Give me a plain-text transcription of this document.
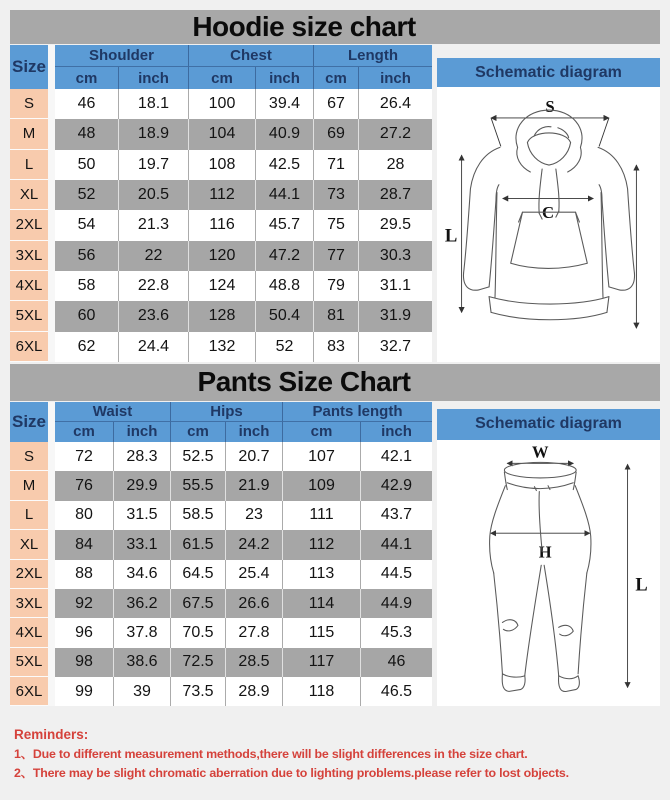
Hoodie size chart
Size
Shoulder	Chest	Length
cm	inch	cm	inch	cm	inch
S	46	18.1	100	39.4	67	26.4
M	48	18.9	104	40.9	69	27.2
L	50	19.7	108	42.5	71	28
XL	52	20.5	112	44.1	73	28.7
2XL	54	21.3	116	45.7	75	29.5
3XL	56	22	120	47.2	77	30.3
4XL	58	22.8	124	48.8	79	31.1
5XL	60	23.6	128	50.4	81	31.9
6XL	62	24.4	132	52	83	32.7
Schematic diagram
S
C
L
Pants Size Chart
Size
Waist	Hips	Pants length
cm	inch	cm	inch	cm	inch
S	72	28.3	52.5	20.7	107	42.1
M	76	29.9	55.5	21.9	109	42.9
L	80	31.5	58.5	23	111	43.7
XL	84	33.1	61.5	24.2	112	44.1
2XL	88	34.6	64.5	25.4	113	44.5
3XL	92	36.2	67.5	26.6	114	44.9
4XL	96	37.8	70.5	27.8	115	45.3
5XL	98	38.6	72.5	28.5	117	46
6XL	99	39	73.5	28.9	118	46.5
Schematic diagram
W
H
L
Reminders:
1、Due to different measurement methods,there will be slight differences in the size chart.
2、There may be slight chromatic aberration due to lighting problems.please refer to lost objects.
